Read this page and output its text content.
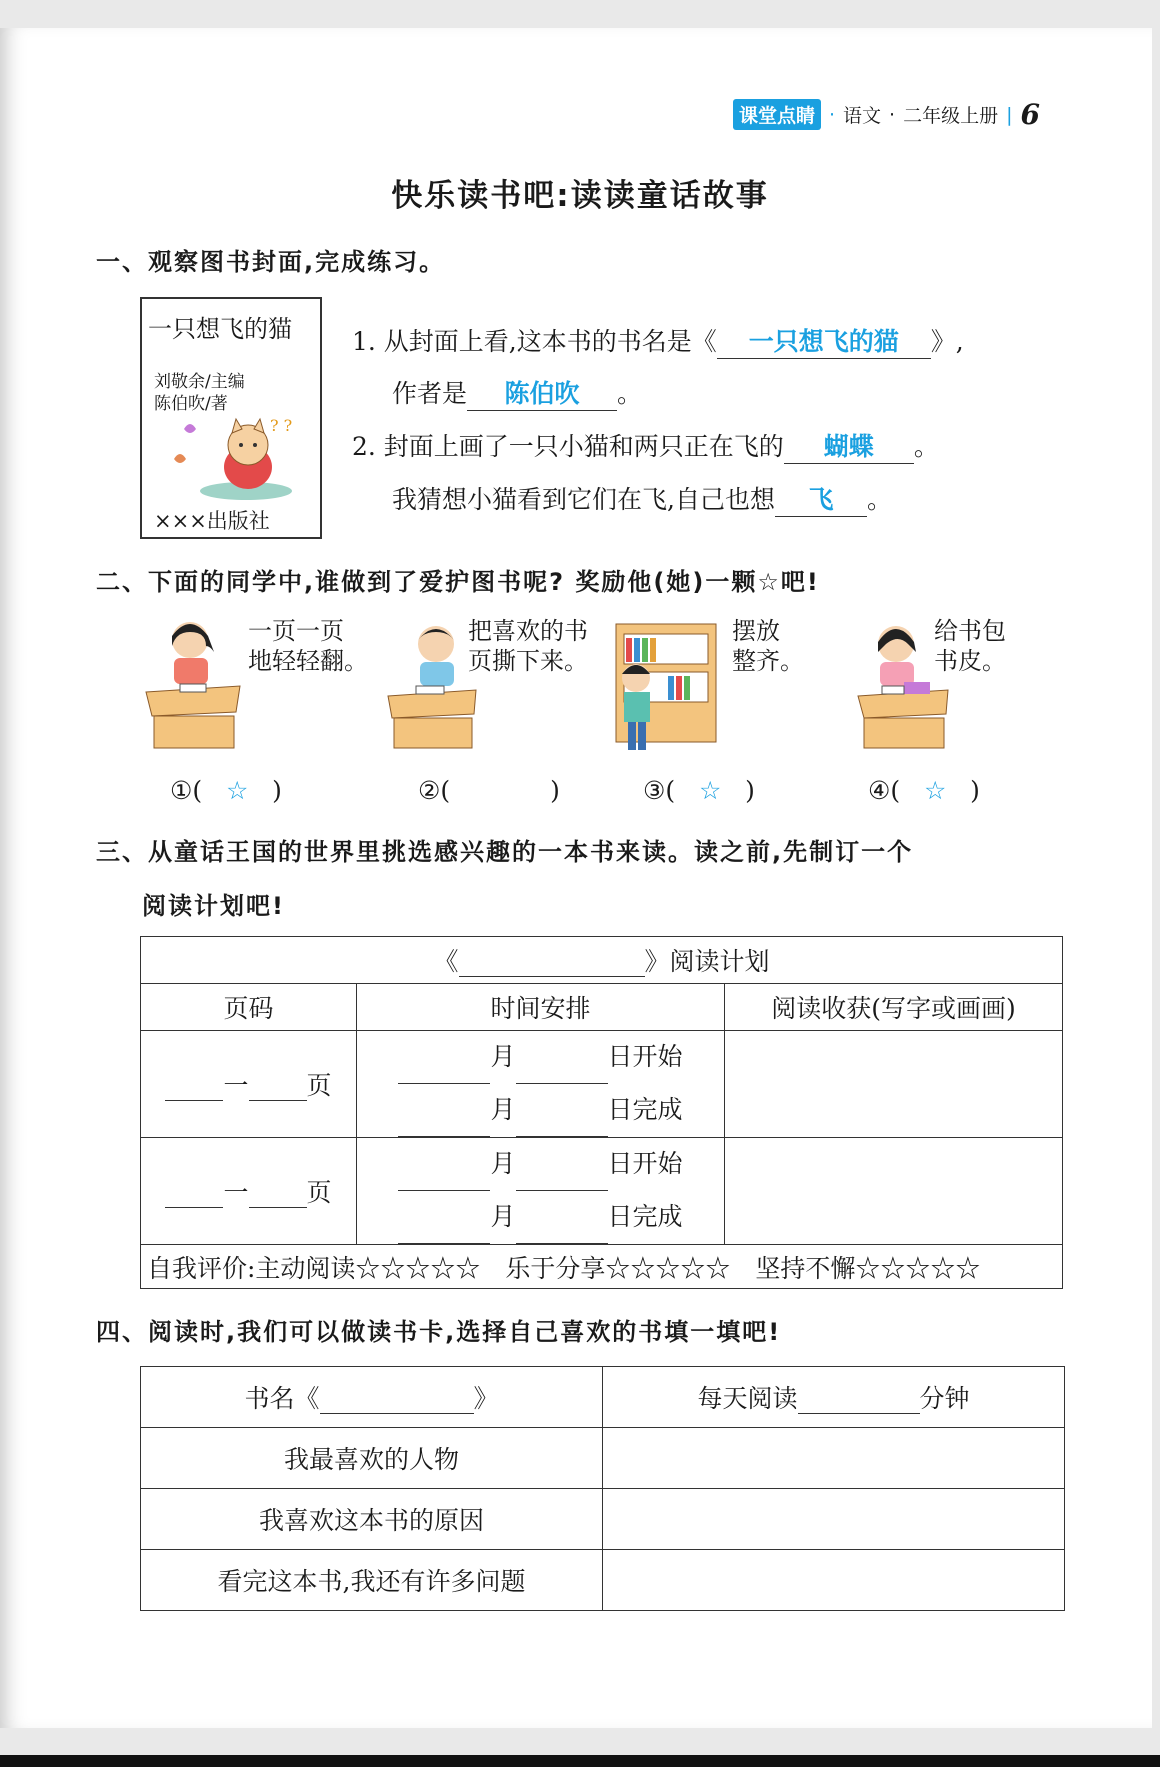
课堂点睛 · 语文 · 二年级上册 | 6
快乐读书吧:读读童话故事
一、观察图书封面,完成练习。
一只想飞的猫
刘敬余/主编
陈伯吹/著
? ?
×××出版社
1. 从封面上看,这本书的书名是《 一只想飞的猫 》,
作者是 陈伯吹 。
2. 封面上画了一只小猫和两只正在飞的 蝴蝶 。
我猜想小猫看到它们在飞,自己也想 飞 。
二、下面的同学中,谁做到了爱护图书呢? 奖励他(她)一颗☆吧!
一页一页
地轻轻翻。
把喜欢的书
页撕下来。
摆放
整齐。
给书包
书皮。
①( ☆ )	②(	)	③( ☆ )	④( ☆ )
三、从童话王国的世界里挑选感兴趣的一本书来读。读之前,先制订一个
阅读计划吧!
《 》阅读计划		
页码	时间安排	阅读收获(写字或画画)
一 页	月 日开始
月 日完成	

一 页	月 日开始
月 日完成	

自我评价:主动阅读☆☆☆☆☆　乐于分享☆☆☆☆☆　坚持不懈☆☆☆☆☆		
四、阅读时,我们可以做读书卡,选择自己喜欢的书填一填吧!
书名《 》	每天阅读 分钟
我最喜欢的人物	
我喜欢这本书的原因	
看完这本书,我还有许多问题	
